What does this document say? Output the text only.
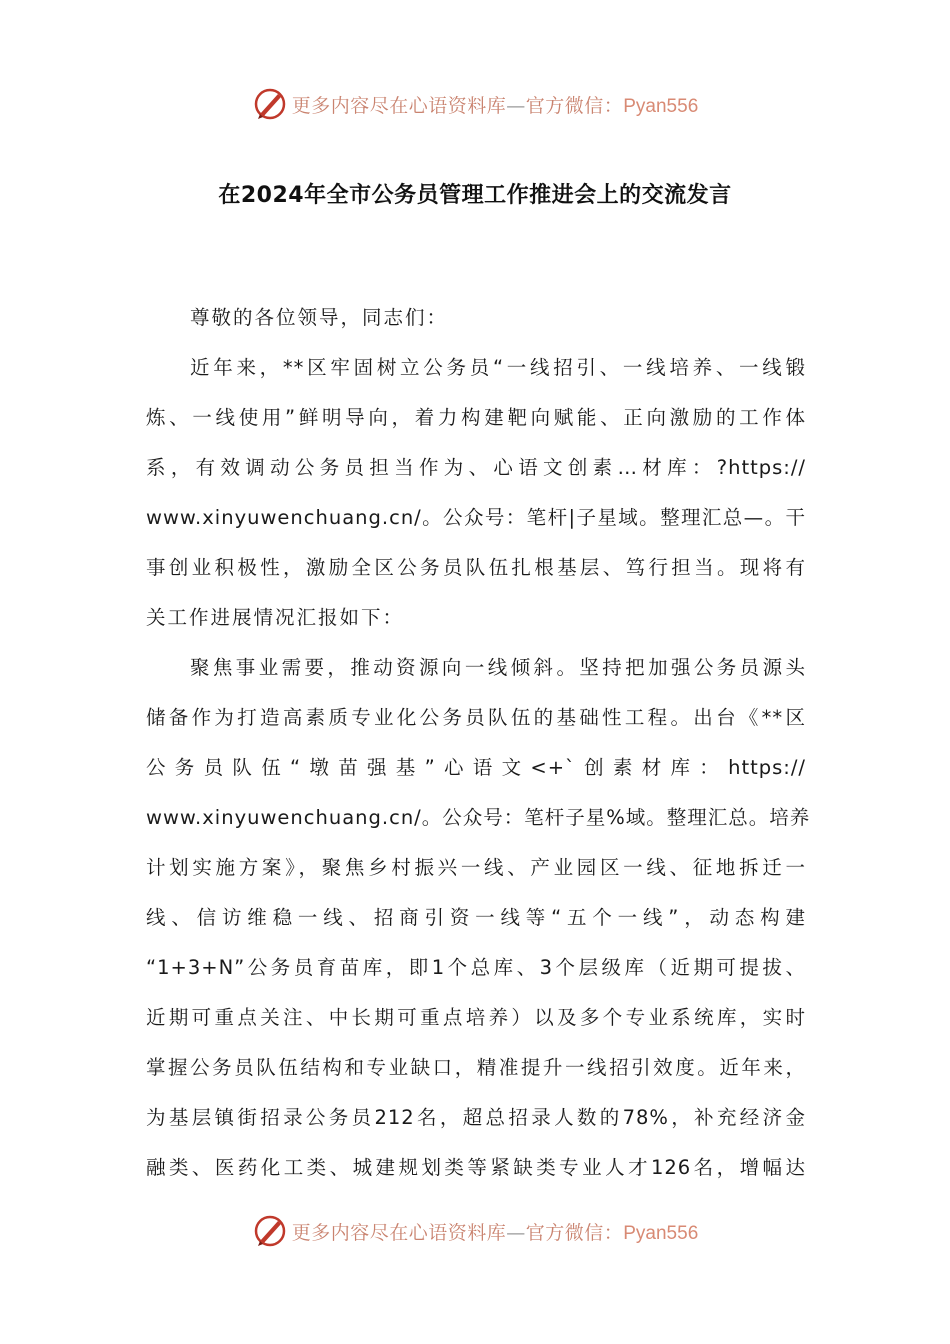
更多内容尽在心语资料库—官方微信：Pyan556
在2024年全市公务员管理工作推进会上的交流发言
尊敬的各位领导，同志们：
近年来，**区牢固树立公务员“一线招引、一线培养、一线锻
炼、一线使用”鲜明导向，着力构建靶向赋能、正向激励的工作体
系，有效调动公务员担当作为、心语文创素…材库：?https://
www.xinyuwenchuang.cn/。公众号：笔杆|子星域。整理汇总—。干
事创业积极性，激励全区公务员队伍扎根基层、笃行担当。现将有
关工作进展情况汇报如下：
聚焦事业需要，推动资源向一线倾斜。坚持把加强公务员源头
储备作为打造高素质专业化公务员队伍的基础性工程。出台《**区
公务员队伍“墩苗强基”心语文<+`创素材库：https://
www.xinyuwenchuang.cn/。公众号：笔杆子星%域。整理汇总。培养
计划实施方案》，聚焦乡村振兴一线、产业园区一线、征地拆迁一
线、信访维稳一线、招商引资一线等“五个一线”，动态构建
“1+3+N”公务员育苗库，即1个总库、3个层级库（近期可提拔、
近期可重点关注、中长期可重点培养）以及多个专业系统库，实时
掌握公务员队伍结构和专业缺口，精准提升一线招引效度。近年来，
为基层镇街招录公务员212名，超总招录人数的78%，补充经济金
融类、医药化工类、城建规划类等紧缺类专业人才126名，增幅达
更多内容尽在心语资料库—官方微信：Pyan556
